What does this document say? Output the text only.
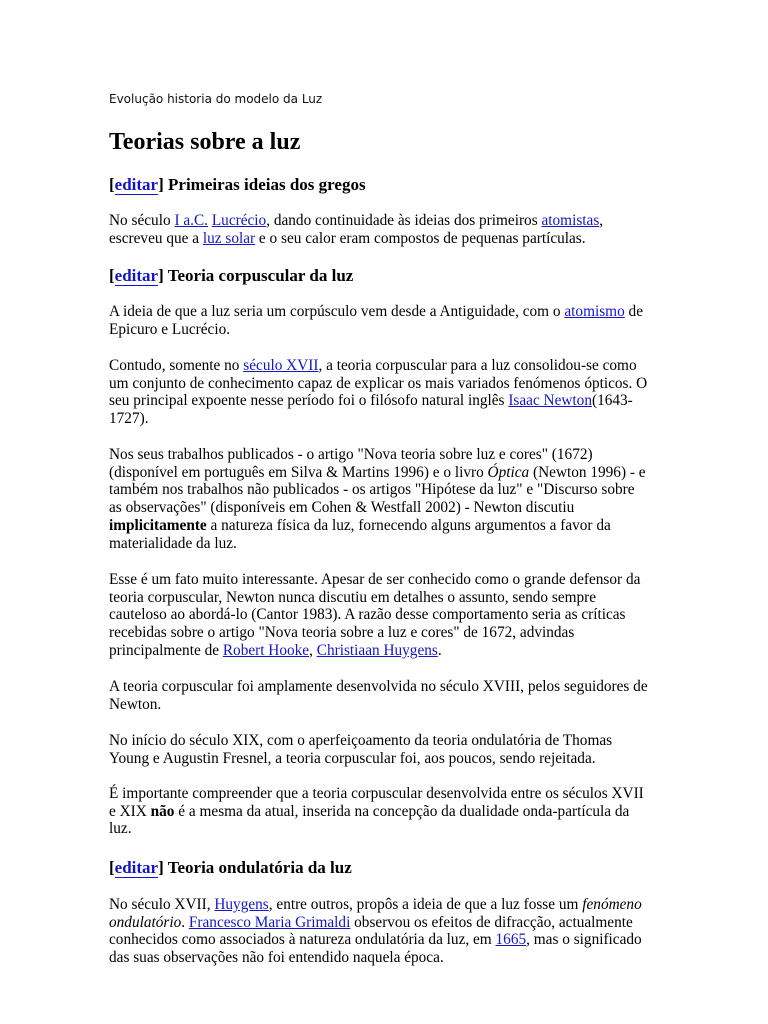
Evolução historia do modelo da Luz
Teorias sobre a luz
[editar] Primeiras ideias dos gregos

No século I a.C. Lucrécio, dando continuidade às ideias dos primeiros atomistas,
escreveu que a luz solar e o seu calor eram compostos de pequenas partículas.

[editar] Teoria corpuscular da luz

A ideia de que a luz seria um corpúsculo vem desde a Antiguidade, com o atomismo de
Epicuro e Lucrécio.

Contudo, somente no século XVII, a teoria corpuscular para a luz consolidou-se como
um conjunto de conhecimento capaz de explicar os mais variados fenómenos ópticos. O
seu principal expoente nesse período foi o filósofo natural inglês Isaac Newton(1643-
1727).

Nos seus trabalhos publicados - o artigo "Nova teoria sobre luz e cores" (1672)
(disponível em português em Silva & Martins 1996) e o livro Óptica (Newton 1996) - e
também nos trabalhos não publicados - os artigos "Hipótese da luz" e "Discurso sobre
as observações" (disponíveis em Cohen & Westfall 2002) - Newton discutiu
implicitamente a natureza física da luz, fornecendo alguns argumentos a favor da
materialidade da luz.

Esse é um fato muito interessante. Apesar de ser conhecido como o grande defensor da
teoria corpuscular, Newton nunca discutiu em detalhes o assunto, sendo sempre
cauteloso ao abordá-lo (Cantor 1983). A razão desse comportamento seria as críticas
recebidas sobre o artigo "Nova teoria sobre a luz e cores" de 1672, advindas
principalmente de Robert Hooke, Christiaan Huygens.

A teoria corpuscular foi amplamente desenvolvida no século XVIII, pelos seguidores de
Newton.

No início do século XIX, com o aperfeiçoamento da teoria ondulatória de Thomas
Young e Augustin Fresnel, a teoria corpuscular foi, aos poucos, sendo rejeitada.

É importante compreender que a teoria corpuscular desenvolvida entre os séculos XVII
e XIX não é a mesma da atual, inserida na concepção da dualidade onda-partícula da
luz.

[editar] Teoria ondulatória da luz

No século XVII, Huygens, entre outros, propôs a ideia de que a luz fosse um fenómeno
ondulatório. Francesco Maria Grimaldi observou os efeitos de difracção, actualmente
conhecidos como associados à natureza ondulatória da luz, em 1665, mas o significado
das suas observações não foi entendido naquela época.
